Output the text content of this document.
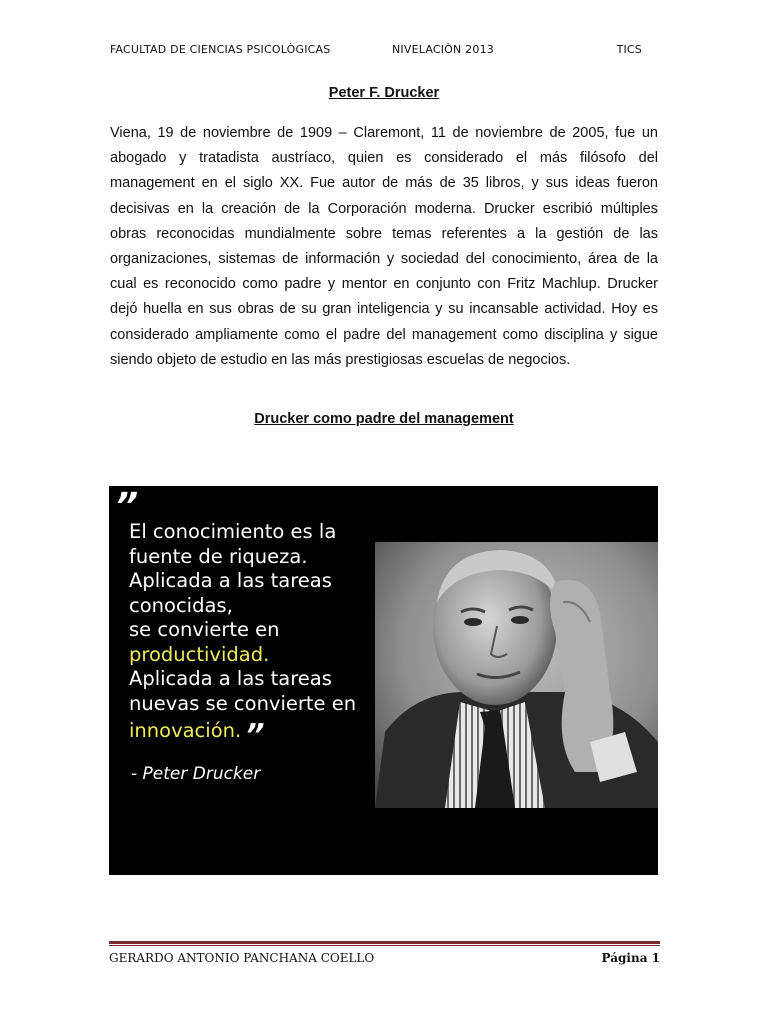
FACULTAD DE CIENCIAS PSICOLÒGICAS	NIVELACIÒN 2013	TICS
Peter F. Drucker

Viena, 19 de noviembre de 1909 – Claremont, 11 de noviembre de 2005, fue un abogado y tratadista austríaco, quien es considerado el más filósofo del management en el siglo XX. Fue autor de más de 35 libros, y sus ideas fueron decisivas en la creación de la Corporación moderna. Drucker escribió múltiples obras reconocidas mundialmente sobre temas referentes a la gestión de las organizaciones, sistemas de información y sociedad del conocimiento, área de la cual es reconocido como padre y mentor en conjunto con Fritz Machlup. Drucker dejó huella en sus obras de su gran inteligencia y su incansable actividad. Hoy es considerado ampliamente como el padre del management como disciplina y sigue siendo objeto de estudio en las más prestigiosas escuelas de negocios.

Drucker como padre del management
”
El conocimiento es la
fuente de riqueza.
Aplicada a las tareas
conocidas,
se convierte en
productividad.
Aplicada a las tareas
nuevas se convierte en
innovación. ”
- Peter Drucker
GERARDO ANTONIO PANCHANA COELLO	Página 1
